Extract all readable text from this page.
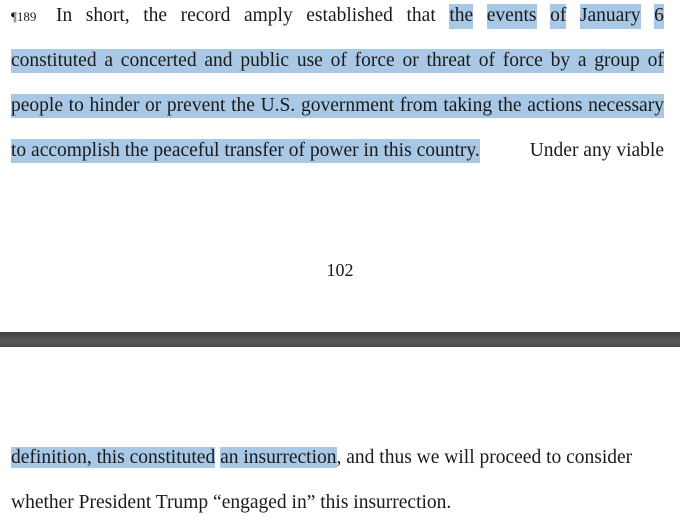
¶189	In short, the record amply established that the events of January 6
constituted a concerted and public use of force or threat of force by a group of
people to hinder or prevent the U.S. government from taking the actions necessary
to accomplish the peaceful transfer of power in this country.	Under any viable
102
definition, this constituted an insurrection, and thus we will proceed to consider
whether President Trump “engaged in” this insurrection.
